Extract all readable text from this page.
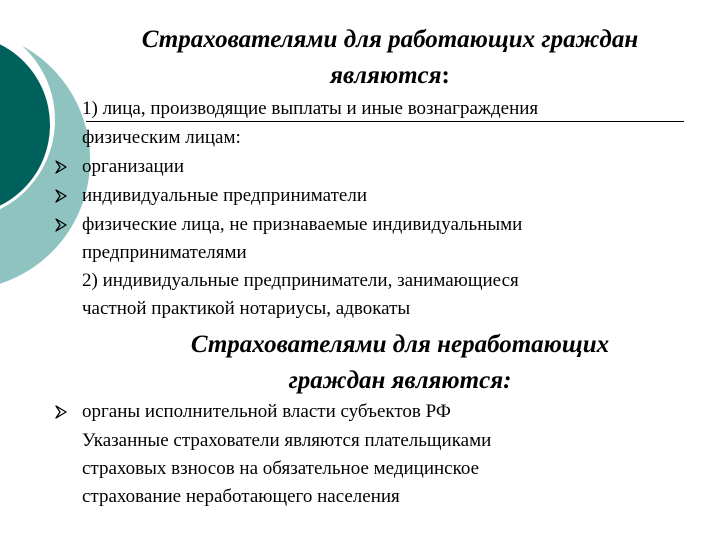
Страхователями для работающих граждан
являются:
1) лица, производящие выплаты и иные вознаграждения
физическим лицам:
организации
индивидуальные предприниматели
физические лица, не признаваемые индивидуальными
предпринимателями
2) индивидуальные предприниматели, занимающиеся
частной практикой нотариусы, адвокаты
Страхователями для неработающих
граждан являются:
органы исполнительной власти субъектов РФ
Указанные страхователи являются плательщиками
страховых взносов на обязательное медицинское
страхование неработающего населения
